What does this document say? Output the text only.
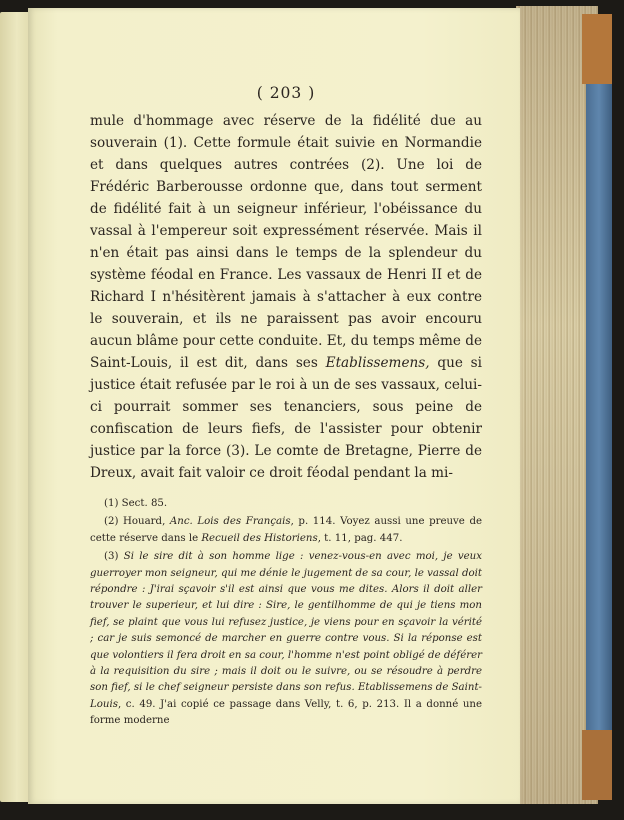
( 203 )

mule d'hommage avec réserve de la fidélité due au souverain (1). Cette formule était suivie en Normandie et dans quelques autres contrées (2). Une loi de Frédéric Barberousse ordonne que, dans tout serment de fidélité fait à un seigneur inférieur, l'obéissance du vassal à l'empereur soit expressément réservée. Mais il n'en était pas ainsi dans le temps de la splendeur du système féodal en France. Les vassaux de Henri II et de Richard I n'hésitèrent jamais à s'attacher à eux contre le souverain, et ils ne paraissent pas avoir encouru aucun blâme pour cette conduite. Et, du temps même de Saint-Louis, il est dit, dans ses Etablissemens, que si justice était refusée par le roi à un de ses vassaux, celui-ci pourrait sommer ses tenanciers, sous peine de confiscation de leurs fiefs, de l'assister pour obtenir justice par la force (3). Le comte de Bretagne, Pierre de Dreux, avait fait valoir ce droit féodal pendant la mi-

(1) Sect. 85.

(2) Houard, Anc. Lois des Français, p. 114. Voyez aussi une preuve de cette réserve dans le Recueil des Historiens, t. 11, pag. 447.

(3) Si le sire dit à son homme lige : venez-vous-en avec moi, je veux guerroyer mon seigneur, qui me dénie le jugement de sa cour, le vassal doit répondre : J'irai sçavoir s'il est ainsi que vous me dites. Alors il doit aller trouver le superieur, et lui dire : Sire, le gentilhomme de qui je tiens mon fief, se plaint que vous lui refusez justice, je viens pour en sçavoir la vérité ; car je suis semoncé de marcher en guerre contre vous. Si la réponse est que volontiers il fera droit en sa cour, l'homme n'est point obligé de déférer à la requisition du sire ; mais il doit ou le suivre, ou se résoudre à perdre son fief, si le chef seigneur persiste dans son refus. Etablissemens de Saint-Louis, c. 49. J'ai copié ce passage dans Velly, t. 6, p. 213. Il a donné une forme moderne
